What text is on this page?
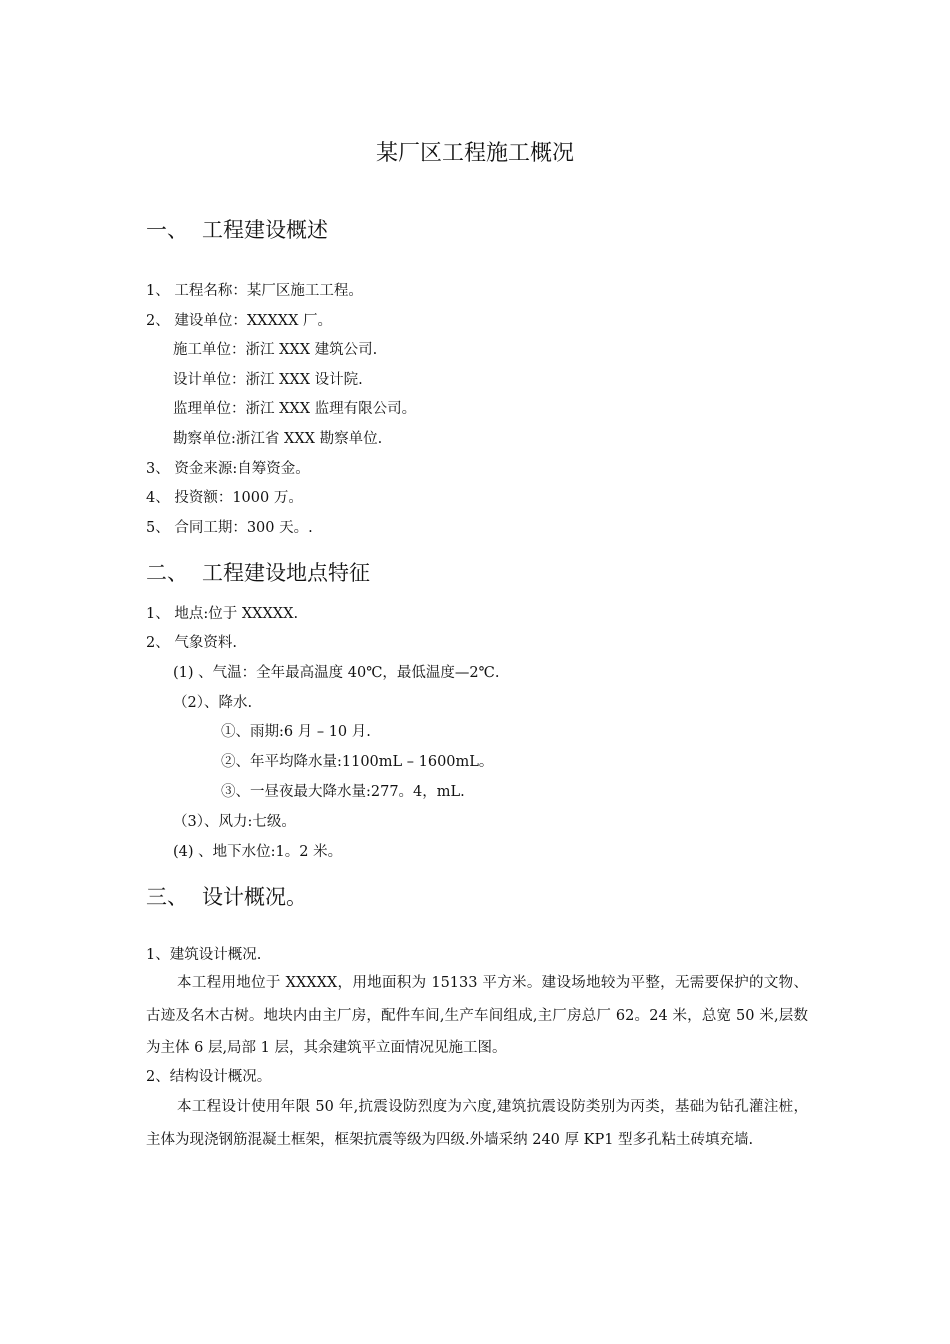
某厂区工程施工概况
一、 工程建设概述
1、 工程名称：某厂区施工工程。
2、 建设单位：XXXXX 厂。
施工单位：浙江 XXX 建筑公司.
设计单位：浙江 XXX 设计院.
监理单位：浙江 XXX 监理有限公司。
勘察单位:浙江省 XXX 勘察单位.
3、 资金来源:自筹资金。
4、 投资额：1000 万。
5、 合同工期：300 天。.
二、 工程建设地点特征
1、 地点:位于 XXXXX.
2、 气象资料.
(1) 、气温：全年最高温度 40℃，最低温度—2℃.
（2）、降水.
①、雨期:6 月 – 10 月.
②、年平均降水量:1100mL – 1600mL。
③、一昼夜最大降水量:277。4，mL.
（3）、风力:七级。
(4) 、地下水位:1。2 米。
三、 设计概况。
1、建筑设计概况.
本工程用地位于 XXXXX，用地面积为 15133 平方米。建设场地较为平整，无需要保护的文物、古迹及名木古树。地块内由主厂房，配件车间,生产车间组成,主厂房总厂 62。24 米，总宽 50 米,层数为主体 6 层,局部 1 层，其余建筑平立面情况见施工图。
2、结构设计概况。
本工程设计使用年限 50 年,抗震设防烈度为六度,建筑抗震设防类别为丙类，基础为钻孔灌注桩，主体为现浇钢筋混凝土框架，框架抗震等级为四级.外墙采纳 240 厚 KP1 型多孔粘土砖填充墙.
